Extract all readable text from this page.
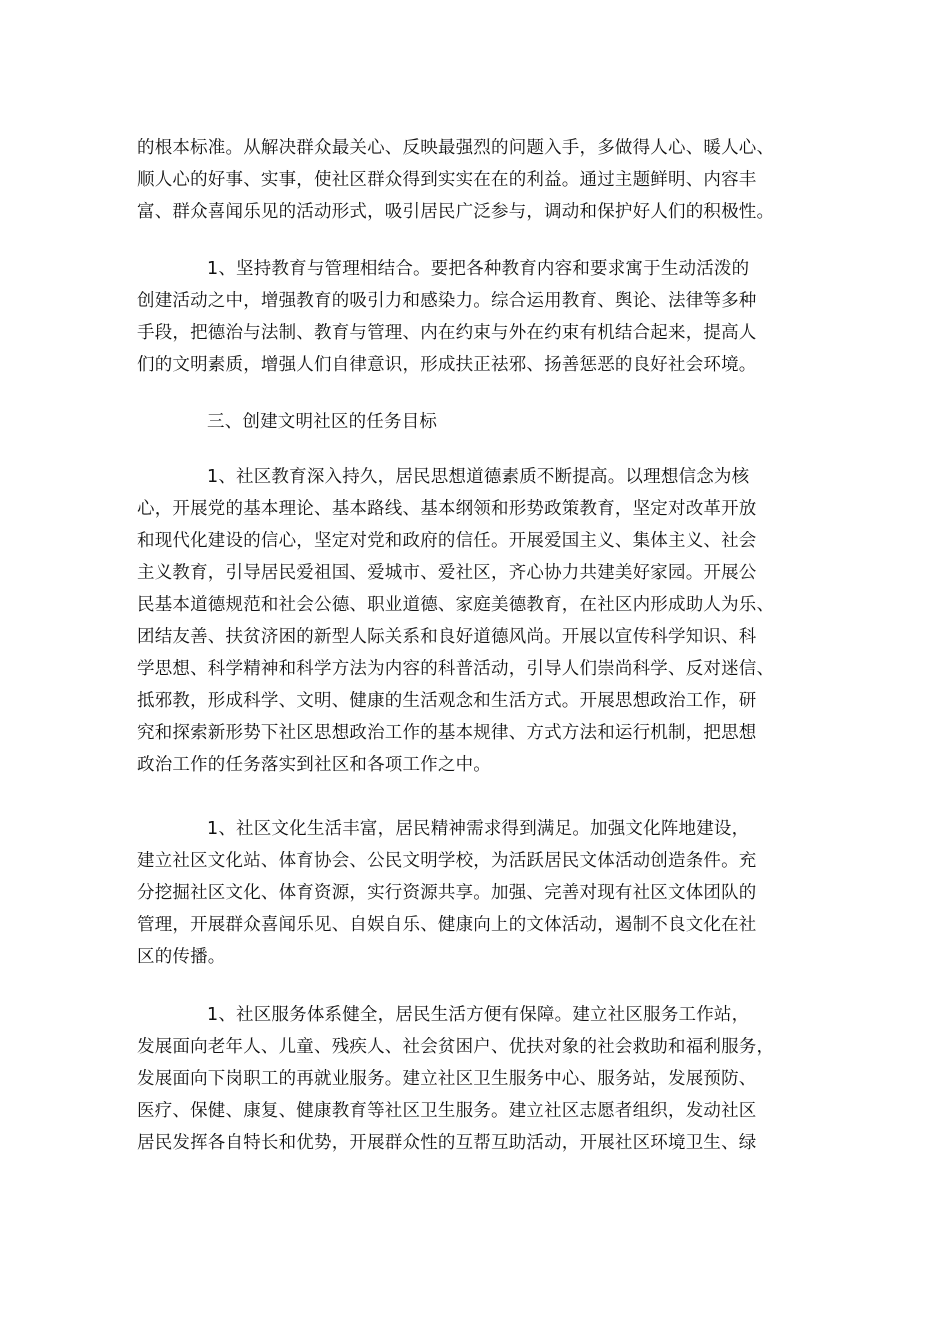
的根本标准。从解决群众最关心、反映最强烈的问题入手，多做得人心、暖人心、
顺人心的好事、实事，使社区群众得到实实在在的利益。通过主题鲜明、内容丰
富、群众喜闻乐见的活动形式，吸引居民广泛参与，调动和保护好人们的积极性。
1、坚持教育与管理相结合。要把各种教育内容和要求寓于生动活泼的
创建活动之中，增强教育的吸引力和感染力。综合运用教育、舆论、法律等多种
手段，把德治与法制、教育与管理、内在约束与外在约束有机结合起来，提高人
们的文明素质，增强人们自律意识，形成扶正祛邪、扬善惩恶的良好社会环境。
三、创建文明社区的任务目标
1、社区教育深入持久，居民思想道德素质不断提高。以理想信念为核
心，开展党的基本理论、基本路线、基本纲领和形势政策教育，坚定对改革开放
和现代化建设的信心，坚定对党和政府的信任。开展爱国主义、集体主义、社会
主义教育，引导居民爱祖国、爱城市、爱社区，齐心协力共建美好家园。开展公
民基本道德规范和社会公德、职业道德、家庭美德教育，在社区内形成助人为乐、
团结友善、扶贫济困的新型人际关系和良好道德风尚。开展以宣传科学知识、科
学思想、科学精神和科学方法为内容的科普活动，引导人们崇尚科学、反对迷信、
抵邪教，形成科学、文明、健康的生活观念和生活方式。开展思想政治工作，研
究和探索新形势下社区思想政治工作的基本规律、方式方法和运行机制，把思想
政治工作的任务落实到社区和各项工作之中。
1、社区文化生活丰富，居民精神需求得到满足。加强文化阵地建设，
建立社区文化站、体育协会、公民文明学校，为活跃居民文体活动创造条件。充
分挖掘社区文化、体育资源，实行资源共享。加强、完善对现有社区文体团队的
管理，开展群众喜闻乐见、自娱自乐、健康向上的文体活动，遏制不良文化在社
区的传播。
1、社区服务体系健全，居民生活方便有保障。建立社区服务工作站，
发展面向老年人、儿童、残疾人、社会贫困户、优扶对象的社会救助和福利服务，
发展面向下岗职工的再就业服务。建立社区卫生服务中心、服务站，发展预防、
医疗、保健、康复、健康教育等社区卫生服务。建立社区志愿者组织，发动社区
居民发挥各自特长和优势，开展群众性的互帮互助活动，开展社区环境卫生、绿
